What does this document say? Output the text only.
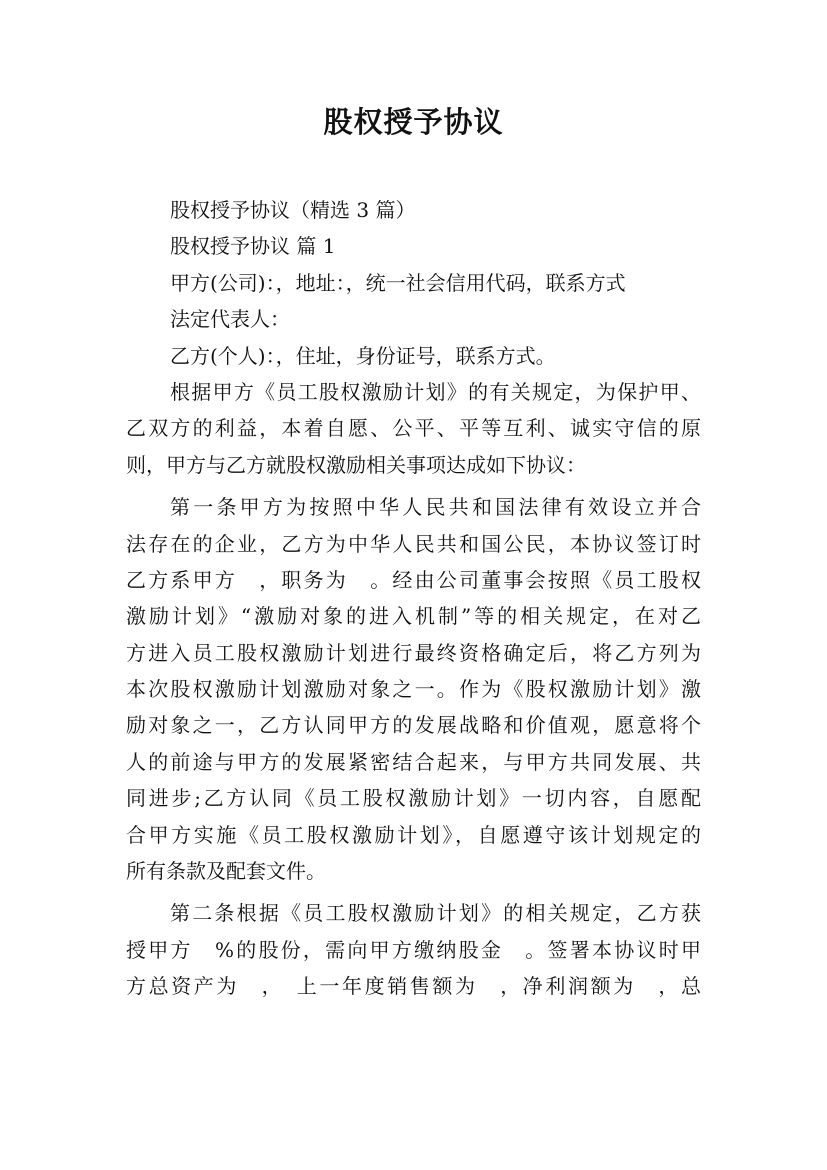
股权授予协议
股权授予协议（精选 3 篇）
股权授予协议 篇 1
甲方(公司)：，地址：，统一社会信用代码，联系方式
法定代表人：
乙方(个人)：，住址，身份证号，联系方式。
根据甲方《员工股权激励计划》的有关规定，为保护甲、
乙双方的利益，本着自愿、公平、平等互利、诚实守信的原
则，甲方与乙方就股权激励相关事项达成如下协议：
第一条甲方为按照中华人民共和国法律有效设立并合
法存在的企业，乙方为中华人民共和国公民，本协议签订时
乙方系甲方　，职务为　。经由公司董事会按照《员工股权
激励计划》“激励对象的进入机制”等的相关规定，在对乙
方进入员工股权激励计划进行最终资格确定后，将乙方列为
本次股权激励计划激励对象之一。作为《股权激励计划》激
励对象之一，乙方认同甲方的发展战略和价值观，愿意将个
人的前途与甲方的发展紧密结合起来，与甲方共同发展、共
同进步;乙方认同《员工股权激励计划》一切内容，自愿配
合甲方实施《员工股权激励计划》，自愿遵守该计划规定的
所有条款及配套文件。
第二条根据《员工股权激励计划》的相关规定，乙方获
授甲方　%的股份，需向甲方缴纳股金　。签署本协议时甲
方总资产为　，　上一年度销售额为　，净利润额为　，总
